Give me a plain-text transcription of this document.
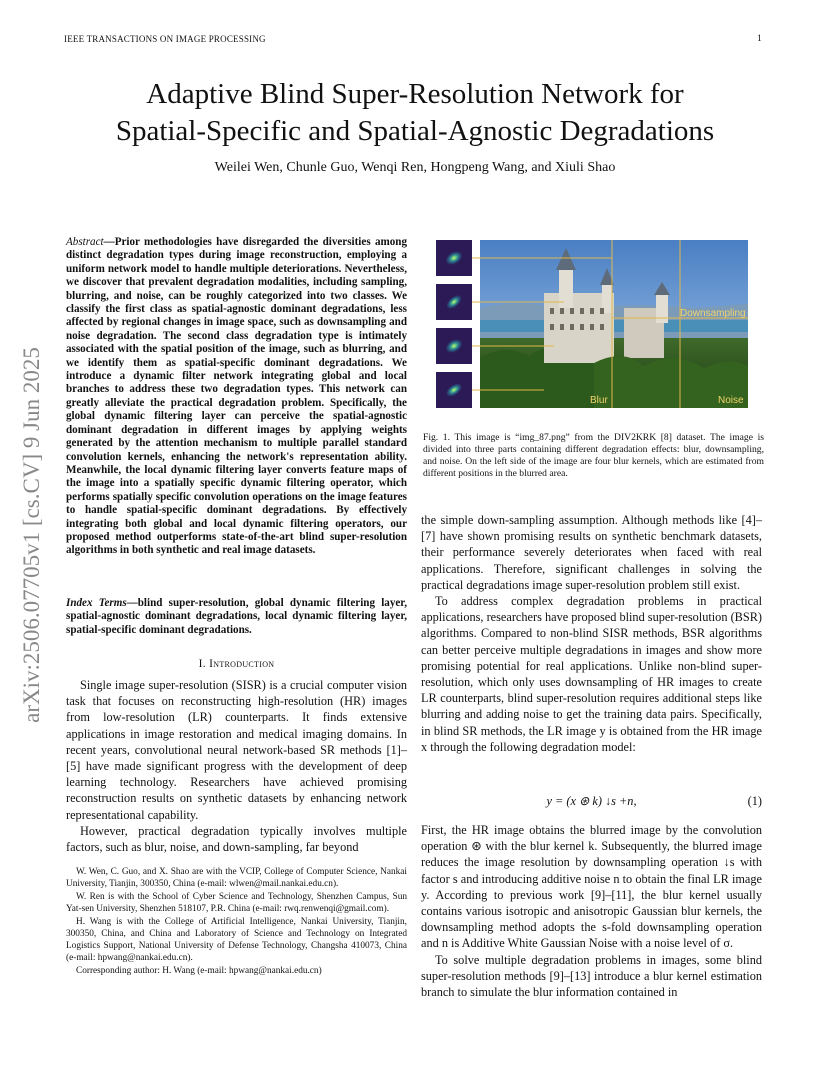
IEEE TRANSACTIONS ON IMAGE PROCESSING	1
Adaptive Blind Super-Resolution Network for
Spatial-Specific and Spatial-Agnostic Degradations
Weilei Wen, Chunle Guo, Wenqi Ren, Hongpeng Wang, and Xiuli Shao
arXiv:2506.07705v1 [cs.CV] 9 Jun 2025
Abstract—Prior methodologies have disregarded the diversities among distinct degradation types during image reconstruction, employing a uniform network model to handle multiple deteriorations. Nevertheless, we discover that prevalent degradation modalities, including sampling, blurring, and noise, can be roughly categorized into two classes. We classify the first class as spatial-agnostic dominant degradations, less affected by regional changes in image space, such as downsampling and noise degradation. The second class degradation type is intimately associated with the spatial position of the image, such as blurring, and we identify them as spatial-specific dominant degradations. We introduce a dynamic filter network integrating global and local branches to address these two degradation types. This network can greatly alleviate the practical degradation problem. Specifically, the global dynamic filtering layer can perceive the spatial-agnostic dominant degradation in different images by applying weights generated by the attention mechanism to multiple parallel standard convolution kernels, enhancing the network's representation ability. Meanwhile, the local dynamic filtering layer converts feature maps of the image into a spatially specific dynamic filtering operator, which performs spatially specific convolution operations on the image features to handle spatial-specific dominant degradations. By effectively integrating both global and local dynamic filtering operators, our proposed method outperforms state-of-the-art blind super-resolution algorithms in both synthetic and real image datasets.
Index Terms—blind super-resolution, global dynamic filtering layer, spatial-agnostic dominant degradations, local dynamic filtering layer, spatial-specific dominant degradations.
I. Introduction

Single image super-resolution (SISR) is a crucial computer vision task that focuses on reconstructing high-resolution (HR) images from low-resolution (LR) counterparts. It finds extensive applications in image restoration and medical imaging domains. In recent years, convolutional neural network-based SR methods [1]–[5] have made significant progress with the development of deep learning technology. Researchers have achieved promising reconstruction results on synthetic datasets by enhancing network representational capability.

However, practical degradation typically involves multiple factors, such as blur, noise, and down-sampling, far beyond

W. Wen, C. Guo, and X. Shao are with the VCIP, College of Computer Science, Nankai University, Tianjin, 300350, China (e-mail: wlwen@mail.nankai.edu.cn).

W. Ren is with the School of Cyber Science and Technology, Shenzhen Campus, Sun Yat-sen University, Shenzhen 518107, P.R. China (e-mail: rwq.renwenqi@gmail.com).

H. Wang is with the College of Artificial Intelligence, Nankai University, Tianjin, 300350, China, and China and Laboratory of Science and Technology on Integrated Logistics Support, National University of Defense Technology, Changsha 410073, China (e-mail: hpwang@nankai.edu.cn).

Corresponding author: H. Wang (e-mail: hpwang@nankai.edu.cn)

Downsampling
Blur	Noise
Fig. 1. This image is “img_87.png” from the DIV2KRK [8] dataset. The image is divided into three parts containing different degradation effects: blur, downsampling, and noise. On the left side of the image are four blur kernels, which are estimated from different positions in the blurred area.

the simple down-sampling assumption. Although methods like [4]–[7] have shown promising results on synthetic benchmark datasets, their performance severely deteriorates when faced with real applications. Therefore, significant challenges in solving the practical degradations image super-resolution problem still exist.

To address complex degradation problems in practical applications, researchers have proposed blind super-resolution (BSR) algorithms. Compared to non-blind SISR methods, BSR algorithms can better perceive multiple degradations in images and show more promising potential for real applications. Unlike non-blind super-resolution, which only uses downsampling of HR images to create LR counterparts, blind super-resolution requires additional steps like blurring and adding noise to get the training data pairs. Specifically, in blind SR methods, the LR image y is obtained from the HR image x through the following degradation model:

y = (x ⊛ k) ↓s +n,	(1)

First, the HR image obtains the blurred image by the convolution operation ⊛ with the blur kernel k. Subsequently, the blurred image reduces the image resolution by downsampling operation ↓s with factor s and introducing additive noise n to obtain the final LR image y. According to previous work [9]–[11], the blur kernel usually contains various isotropic and anisotropic Gaussian blur kernels, the downsampling method adopts the s-fold downsampling operation and n is Additive White Gaussian Noise with a noise level of σ.

To solve multiple degradation problems in images, some blind super-resolution methods [9]–[13] introduce a blur kernel estimation branch to simulate the blur information contained in
